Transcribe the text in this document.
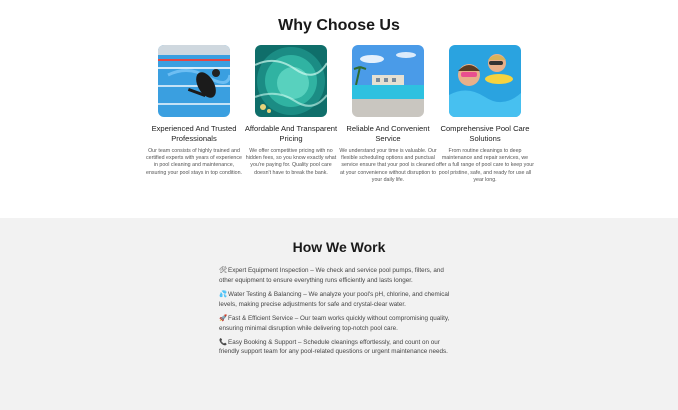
Why Choose Us
Experienced And Trusted Professionals

Our team consists of highly trained and certified experts with years of experience in pool cleaning and maintenance, ensuring your pool stays in top condition.

Affordable And Transparent Pricing

We offer competitive pricing with no hidden fees, so you know exactly what you're paying for. Quality pool care doesn't have to break the bank.

Reliable And Convenient Service

We understand your time is valuable. Our flexible scheduling options and punctual service ensure that your pool is cleaned at your convenience without disruption to your daily life.

Comprehensive Pool Care Solutions

From routine cleanings to deep maintenance and repair services, we offer a full range of pool care to keep your pool pristine, safe, and ready for use all year long.

How We Work

🛠Expert Equipment Inspection – We check and service pool pumps, filters, and other equipment to ensure everything runs efficiently and lasts longer.

💦Water Testing & Balancing – We analyze your pool's pH, chlorine, and chemical levels, making precise adjustments for safe and crystal-clear water.

🚀Fast & Efficient Service – Our team works quickly without compromising quality, ensuring minimal disruption while delivering top-notch pool care.

📞Easy Booking & Support – Schedule cleanings effortlessly, and count on our friendly support team for any pool-related questions or urgent maintenance needs.
